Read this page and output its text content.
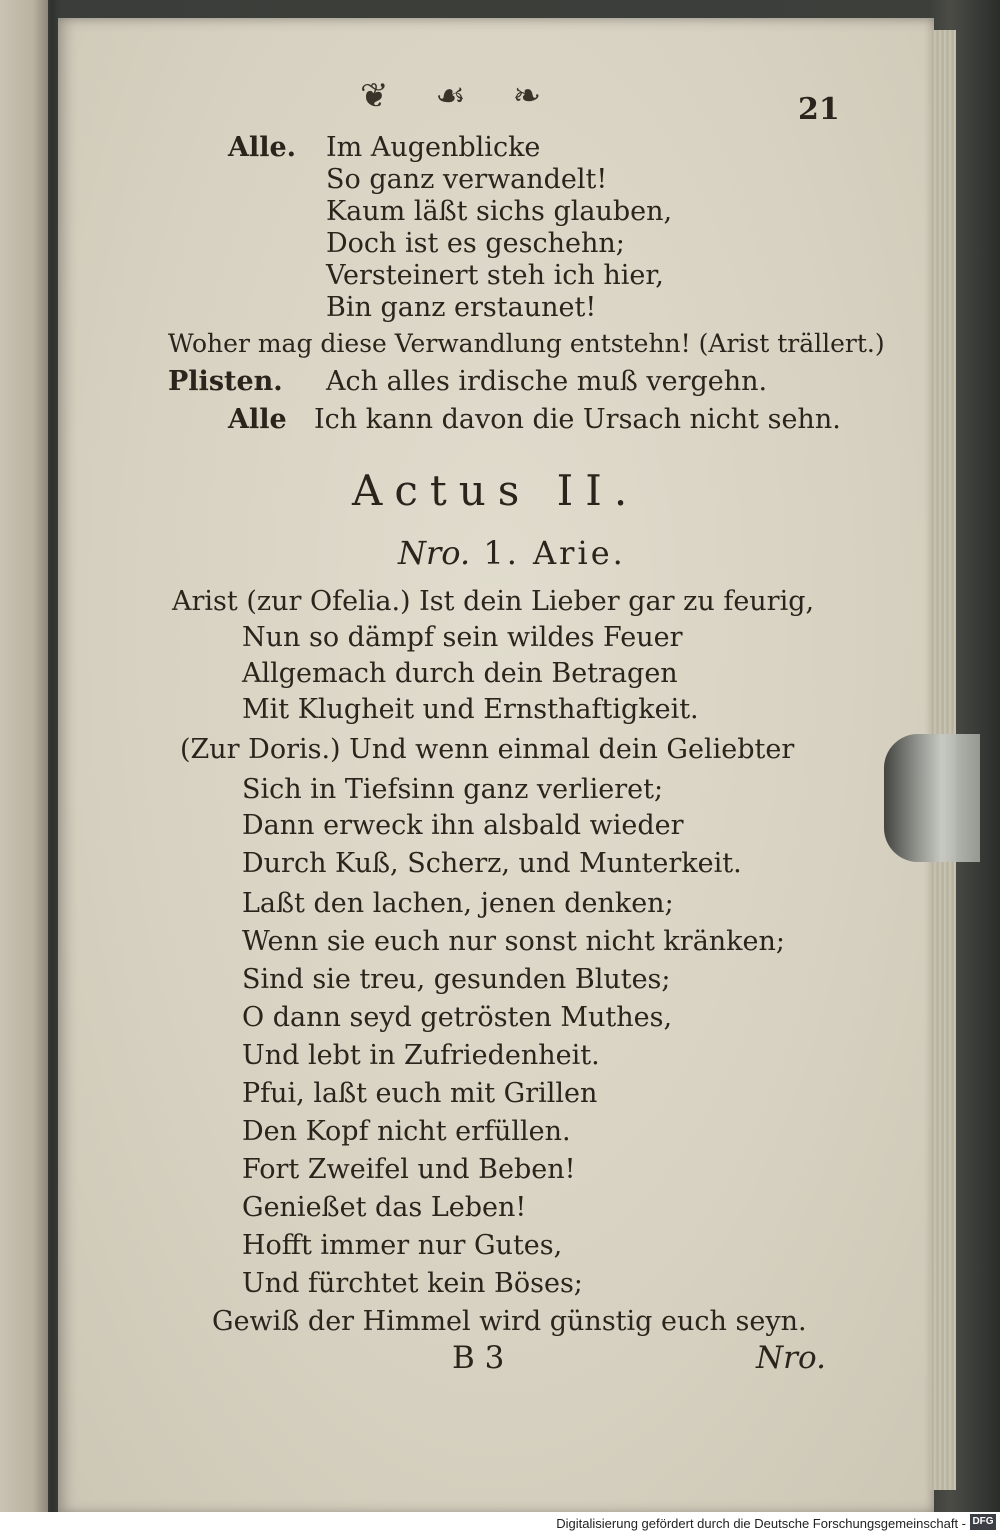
❦ ☙ ❧	21
Alle. Im Augenblicke
So ganz verwandelt!
Kaum läßt sichs glauben,
Doch ist es geschehn;
Versteinert steh ich hier,
Bin ganz erstaunet!
Woher mag diese Verwandlung entstehn! (Arist trällert.)
Plisten. Ach alles irdische muß vergehn.
Alle Ich kann davon die Ursach nicht sehn.
Actus II.
Nro. 1. Arie.
Arist (zur Ofelia.) Ist dein Lieber gar zu feurig,
Nun so dämpf sein wildes Feuer
Allgemach durch dein Betragen
Mit Klugheit und Ernsthaftigkeit.
(Zur Doris.) Und wenn einmal dein Geliebter
Sich in Tiefsinn ganz verlieret;
Dann erweck ihn alsbald wieder
Durch Kuß, Scherz, und Munterkeit.
Laßt den lachen, jenen denken;
Wenn sie euch nur sonst nicht kränken;
Sind sie treu, gesunden Blutes;
O dann seyd getrösten Muthes,
Und lebt in Zufriedenheit.
Pfui, laßt euch mit Grillen
Den Kopf nicht erfüllen.
Fort Zweifel und Beben!
Genießet das Leben!
Hofft immer nur Gutes,
Und fürchtet kein Böses;
Gewiß der Himmel wird günstig euch seyn.
B 3	Nro.
Digitalisierung gefördert durch die Deutsche Forschungsgemeinschaft - DFG
